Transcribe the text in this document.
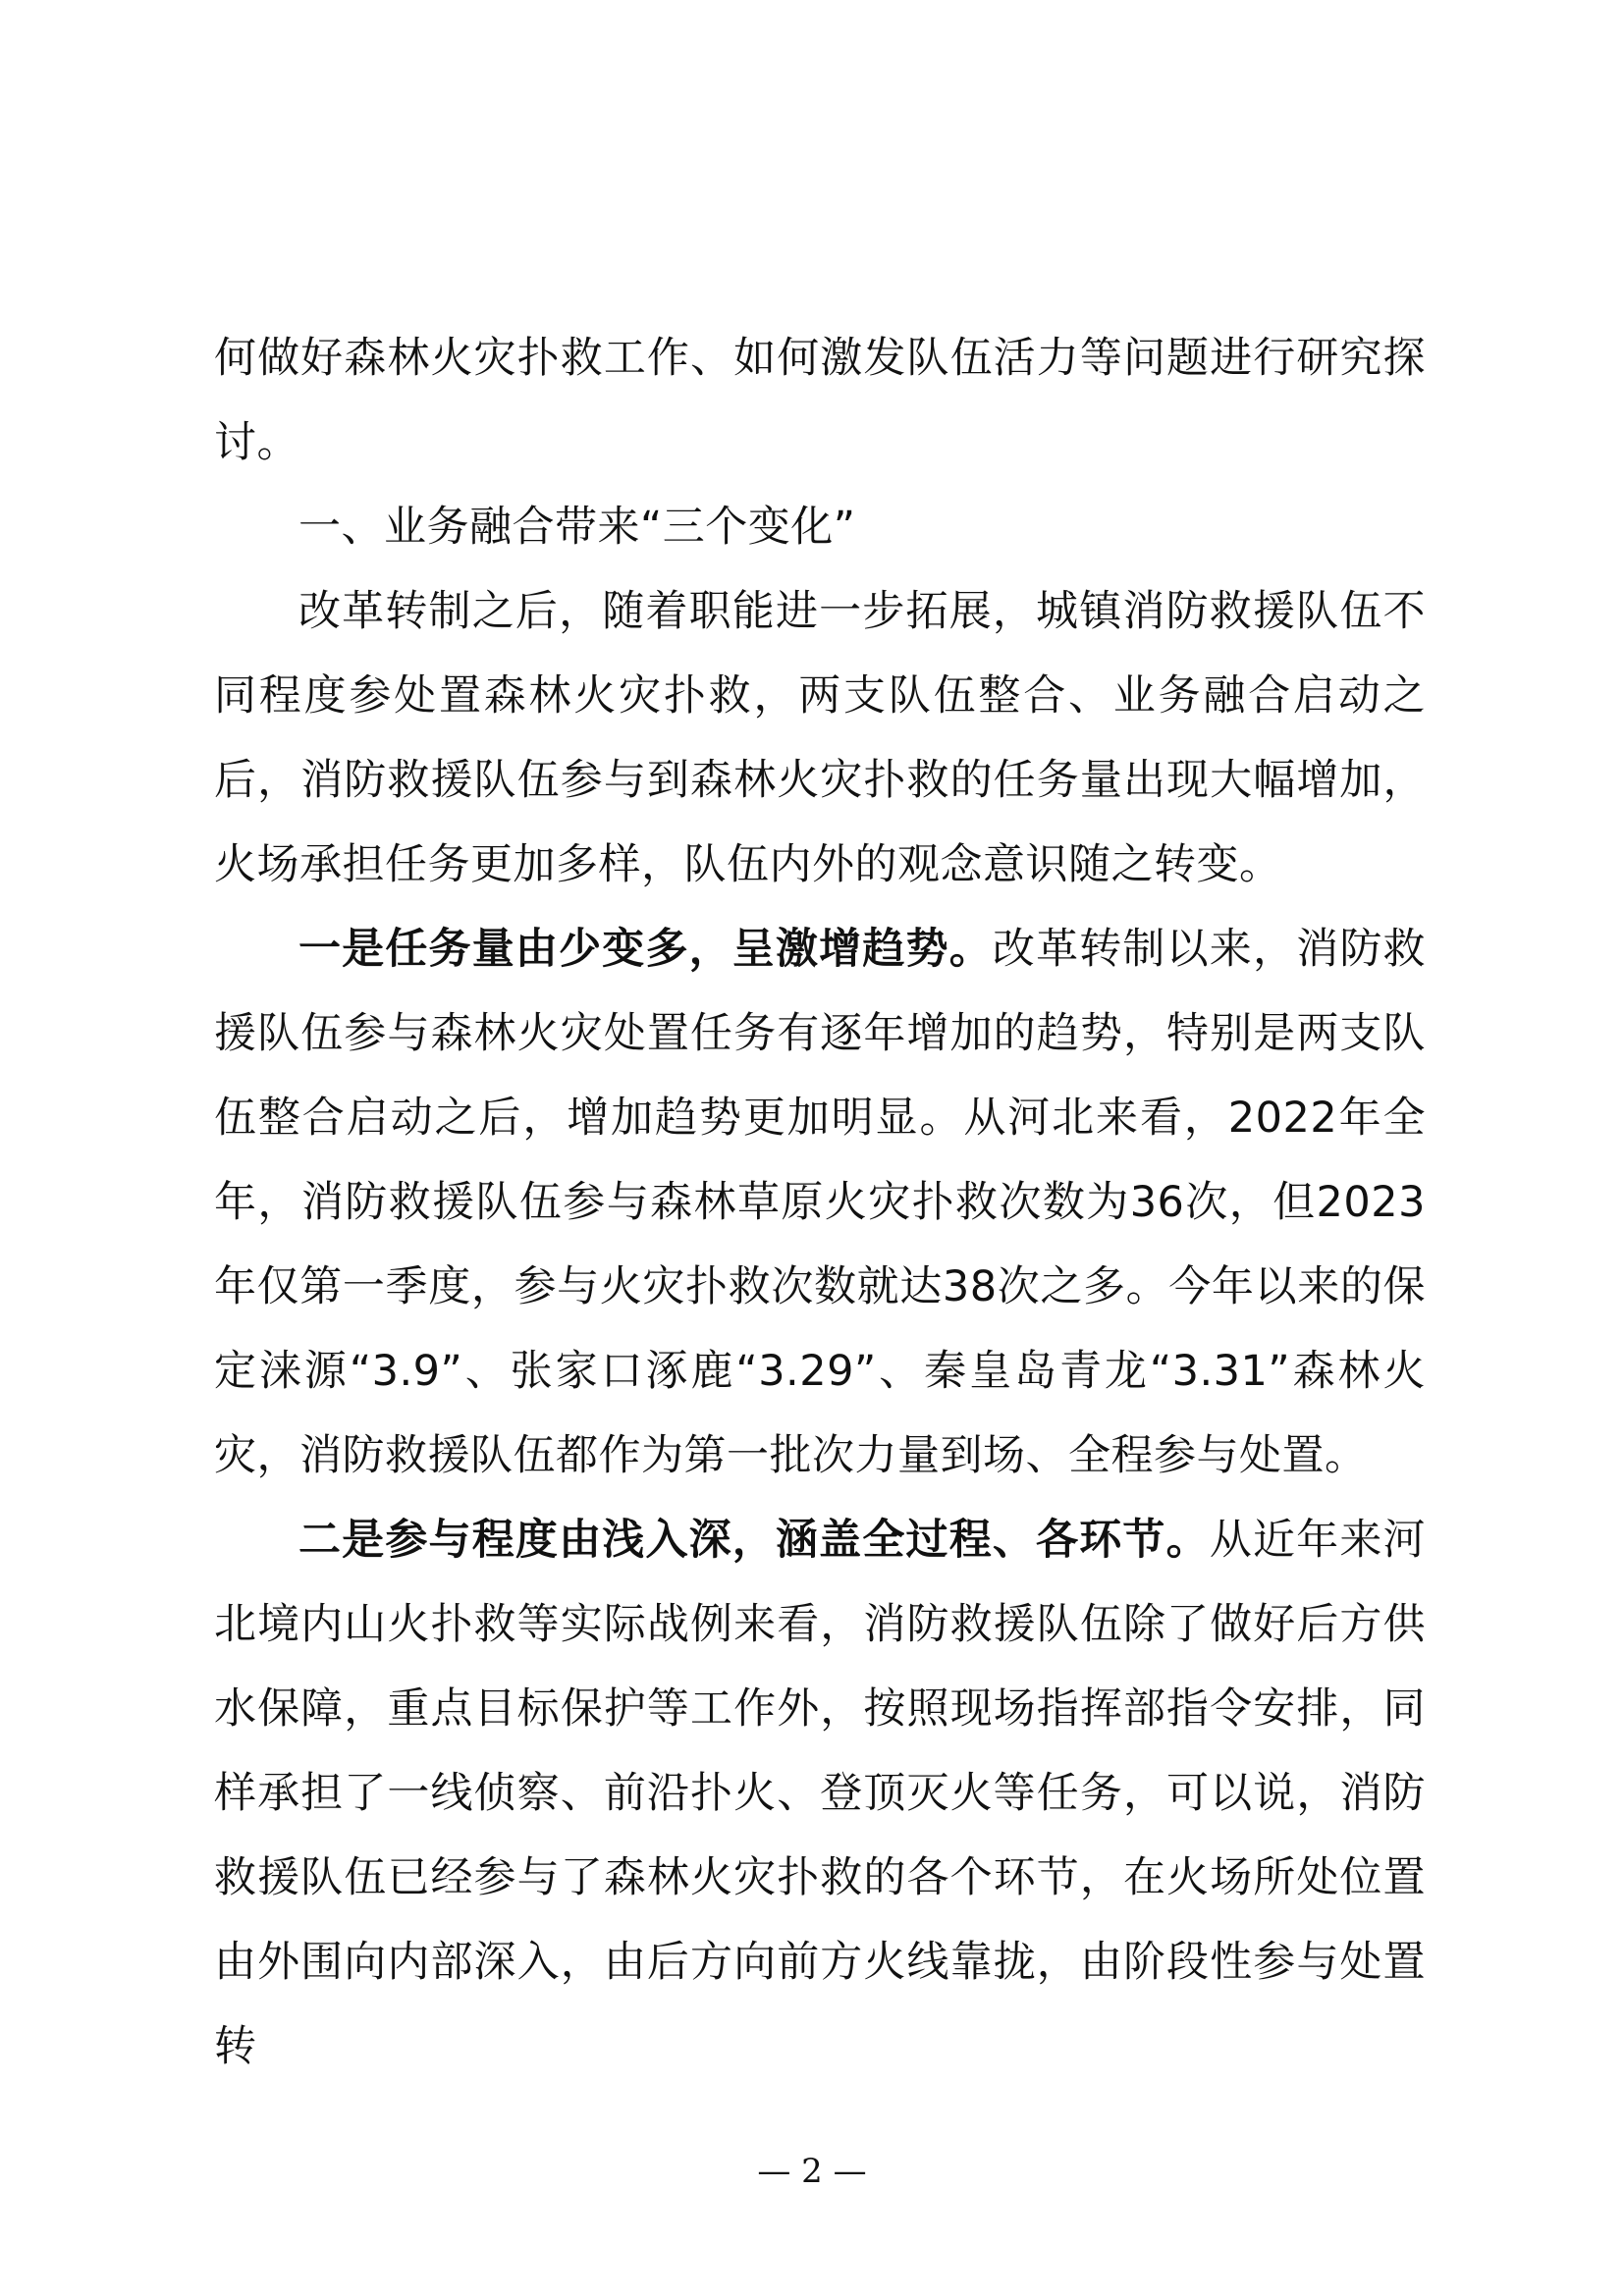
何做好森林火灾扑救工作、如何激发队伍活力等问题进行研究探讨。

一、业务融合带来“三个变化”

改革转制之后，随着职能进一步拓展，城镇消防救援队伍不同程度参处置森林火灾扑救，两支队伍整合、业务融合启动之后，消防救援队伍参与到森林火灾扑救的任务量出现大幅增加，火场承担任务更加多样，队伍内外的观念意识随之转变。

一是任务量由少变多，呈激增趋势。改革转制以来，消防救援队伍参与森林火灾处置任务有逐年增加的趋势，特别是两支队伍整合启动之后，增加趋势更加明显。从河北来看，2022年全年，消防救援队伍参与森林草原火灾扑救次数为36次，但2023年仅第一季度，参与火灾扑救次数就达38次之多。今年以来的保定涞源“3.9”、张家口涿鹿“3.29”、秦皇岛青龙“3.31”森林火灾，消防救援队伍都作为第一批次力量到场、全程参与处置。

二是参与程度由浅入深，涵盖全过程、各环节。从近年来河北境内山火扑救等实际战例来看，消防救援队伍除了做好后方供水保障，重点目标保护等工作外，按照现场指挥部指令安排，同样承担了一线侦察、前沿扑火、登顶灭火等任务，可以说，消防救援队伍已经参与了森林火灾扑救的各个环节，在火场所处位置由外围向内部深入，由后方向前方火线靠拢，由阶段性参与处置转

— 2 —
